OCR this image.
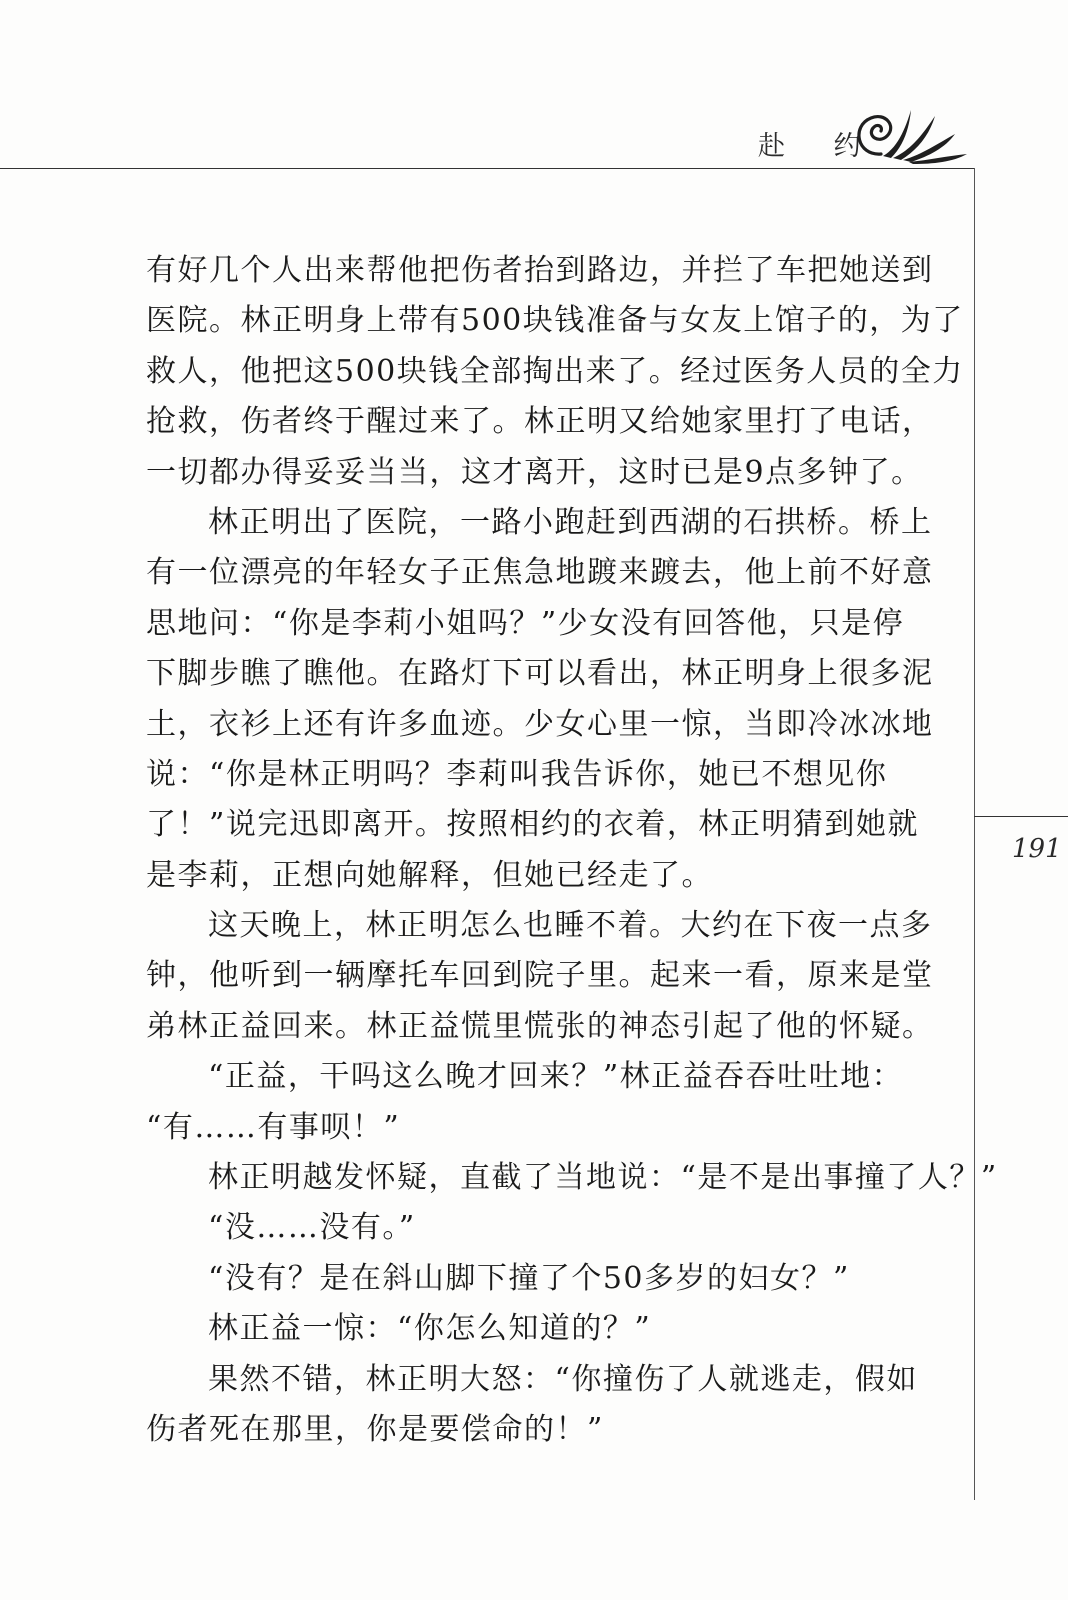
赴 约
191
有好几个人出来帮他把伤者抬到路边，并拦了车把她送到
医院。林正明身上带有500块钱准备与女友上馆子的，为了
救人，他把这500块钱全部掏出来了。经过医务人员的全力
抢救，伤者终于醒过来了。林正明又给她家里打了电话，
一切都办得妥妥当当，这才离开，这时已是9点多钟了。
林正明出了医院，一路小跑赶到西湖的石拱桥。桥上
有一位漂亮的年轻女子正焦急地踱来踱去，他上前不好意
思地问：“你是李莉小姐吗？”少女没有回答他，只是停
下脚步瞧了瞧他。在路灯下可以看出，林正明身上很多泥
土，衣衫上还有许多血迹。少女心里一惊，当即冷冰冰地
说：“你是林正明吗？李莉叫我告诉你，她已不想见你
了！”说完迅即离开。按照相约的衣着，林正明猜到她就
是李莉，正想向她解释，但她已经走了。
这天晚上，林正明怎么也睡不着。大约在下夜一点多
钟，他听到一辆摩托车回到院子里。起来一看，原来是堂
弟林正益回来。林正益慌里慌张的神态引起了他的怀疑。
“正益，干吗这么晚才回来？”林正益吞吞吐吐地：
“有……有事呗！”
林正明越发怀疑，直截了当地说：“是不是出事撞了人？”
“没……没有。”
“没有？是在斜山脚下撞了个50多岁的妇女？”
林正益一惊：“你怎么知道的？”
果然不错，林正明大怒：“你撞伤了人就逃走，假如
伤者死在那里，你是要偿命的！”
